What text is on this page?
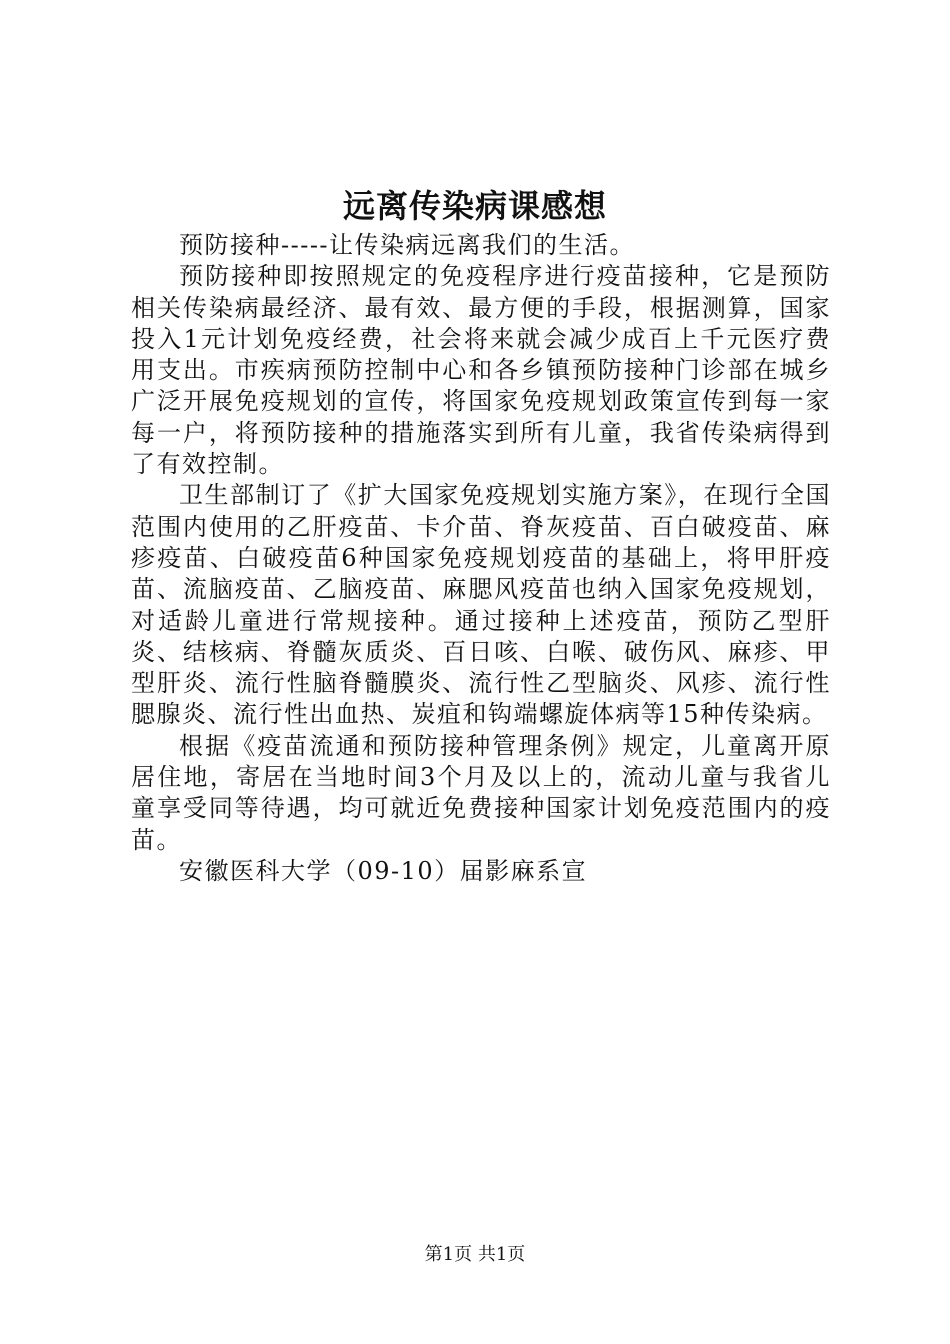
远离传染病课感想

预防接种-----让传染病远离我们的生活。

预防接种即按照规定的免疫程序进行疫苗接种，它是预防相关传染病最经济、最有效、最方便的手段，根据测算，国家投入1元计划免疫经费，社会将来就会减少成百上千元医疗费用支出。市疾病预防控制中心和各乡镇预防接种门诊部在城乡广泛开展免疫规划的宣传，将国家免疫规划政策宣传到每一家每一户，将预防接种的措施落实到所有儿童，我省传染病得到了有效控制。

卫生部制订了《扩大国家免疫规划实施方案》，在现行全国范围内使用的乙肝疫苗、卡介苗、脊灰疫苗、百白破疫苗、麻疹疫苗、白破疫苗6种国家免疫规划疫苗的基础上，将甲肝疫苗、流脑疫苗、乙脑疫苗、麻腮风疫苗也纳入国家免疫规划，对适龄儿童进行常规接种。通过接种上述疫苗，预防乙型肝炎、结核病、脊髓灰质炎、百日咳、白喉、破伤风、麻疹、甲型肝炎、流行性脑脊髓膜炎、流行性乙型脑炎、风疹、流行性腮腺炎、流行性出血热、炭疽和钩端螺旋体病等15种传染病。

根据《疫苗流通和预防接种管理条例》规定，儿童离开原居住地，寄居在当地时间3个月及以上的，流动儿童与我省儿童享受同等待遇，均可就近免费接种国家计划免疫范围内的疫苗。

安徽医科大学（09-10）届影麻系宣

第1页 共1页
